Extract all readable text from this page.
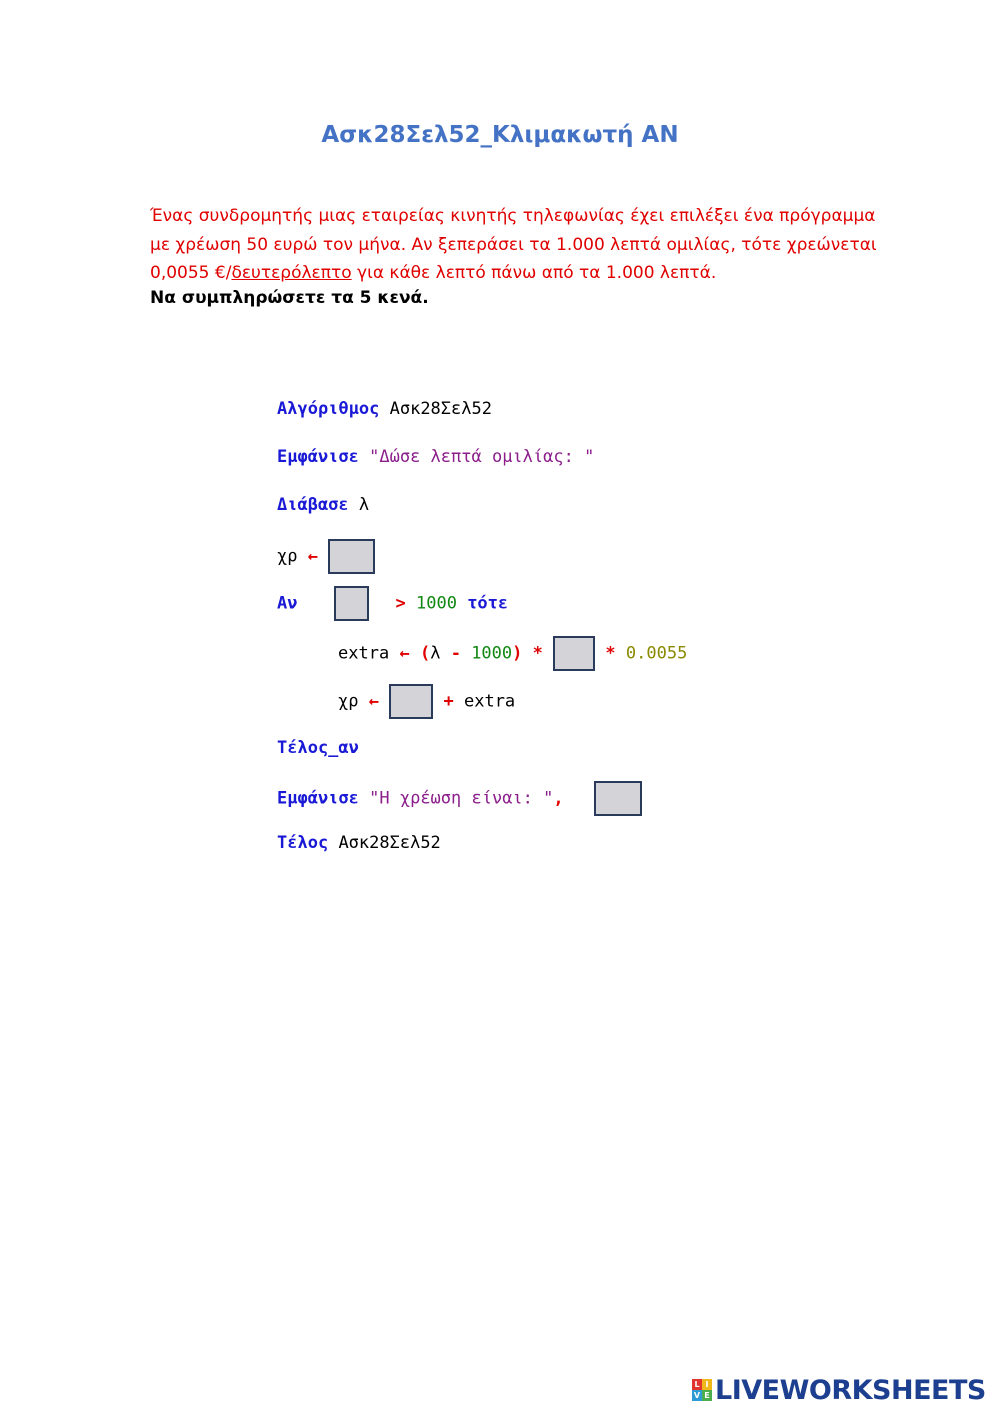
Ασκ28Σελ52_Κλιμακωτή ΑΝ
Ένας συνδρομητής μιας εταιρείας κινητής τηλεφωνίας έχει επιλέξει ένα πρόγραμμα
με χρέωση 50 ευρώ τον μήνα. Αν ξεπεράσει τα 1.000 λεπτά ομιλίας, τότε χρεώνεται
0,0055 €/δευτερόλεπτο για κάθε λεπτό πάνω από τα 1.000 λεπτά.
Να συμπληρώσετε τα 5 κενά.
Αλγόριθμος Ασκ28Σελ52
Εμφάνισε "Δώσε λεπτά ομιλίας: "
Διάβασε λ
χρ ←
Αν	> 1000 τότε
extra ← (λ - 1000) *	* 0.0055
χρ ←	+ extra
Τέλος_αν
Εμφάνισε "Η χρέωση είναι: ",
Τέλος Ασκ28Σελ52
L I
V E LIVEWORKSHEETS
